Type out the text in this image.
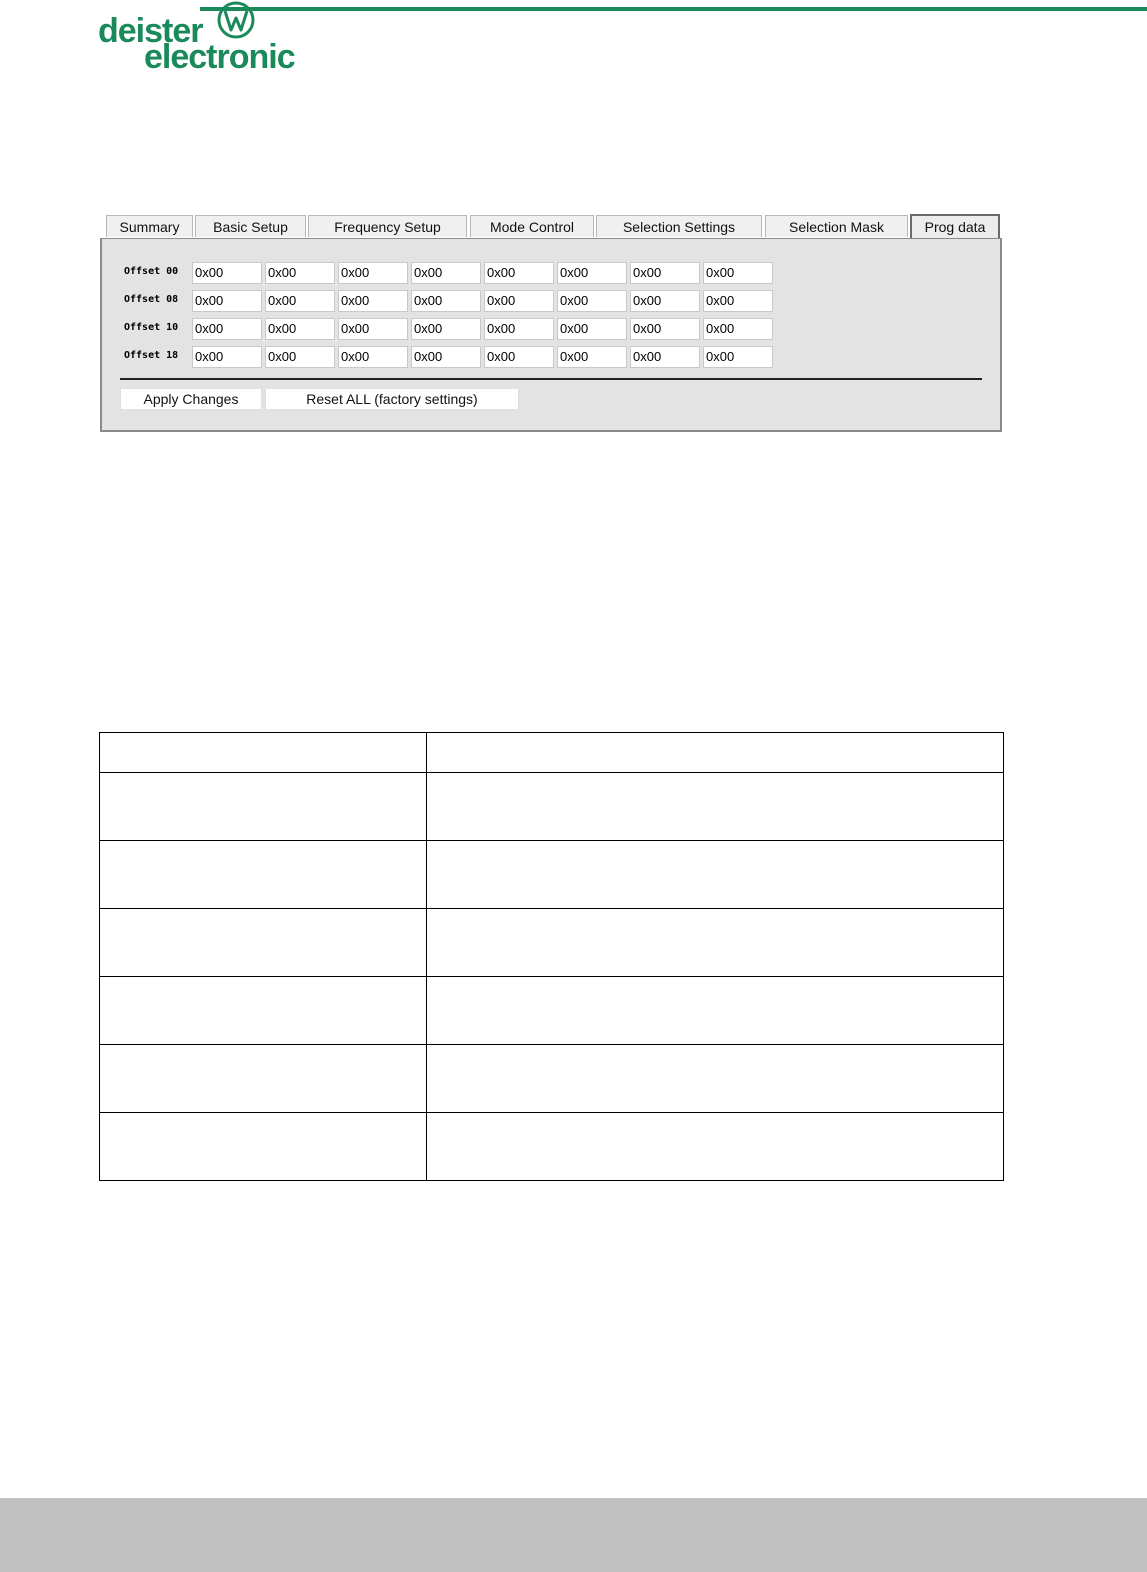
deister
electronic
Summary	Basic Setup	Frequency Setup	Mode Control	Selection Settings	Selection Mask	Prog data
Offset 00	0x00	0x00	0x00	0x00	0x00	0x00	0x00	0x00
Offset 08	0x00	0x00	0x00	0x00	0x00	0x00	0x00	0x00
Offset 10	0x00	0x00	0x00	0x00	0x00	0x00	0x00	0x00
Offset 18	0x00	0x00	0x00	0x00	0x00	0x00	0x00	0x00
Apply Changes	Reset ALL (factory settings)
